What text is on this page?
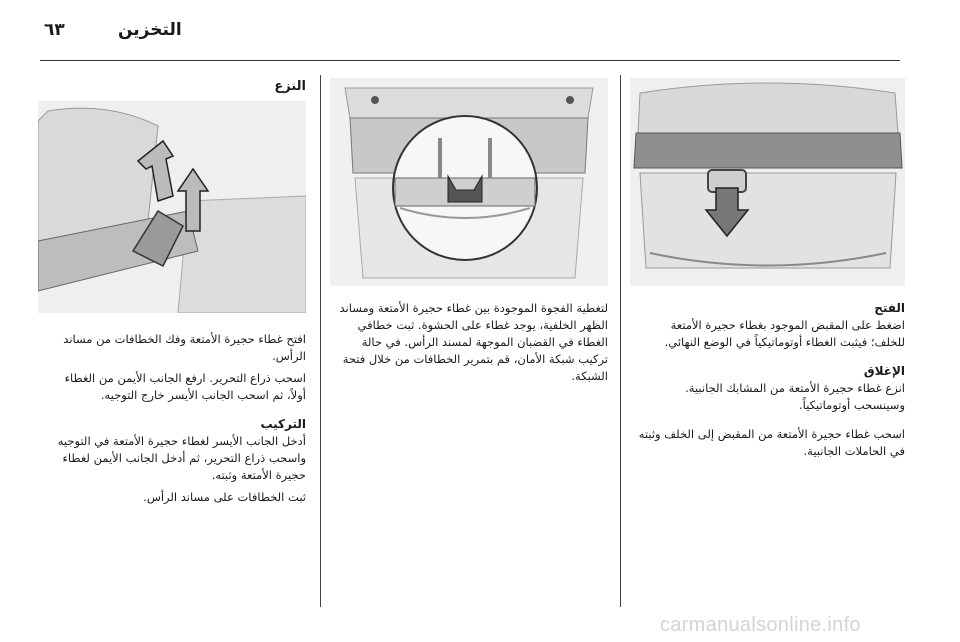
٦٣	التخزين
الفتح
اضغط على المقبض الموجود بغطاء حجيرة الأمتعة
للخلف؛ فيثبت الغطاء أوتوماتيكياً في الوضع النهائي.
الإغلاق
انزع غطاء حجيرة الأمتعة من المشابك الجانبية.
وسينسحب أوتوماتيكياً.
اسحب غطاء حجيرة الأمتعة من المقبض إلى الخلف وثبته
في الحاملات الجانبية.
لتغطية الفجوة الموجودة بين غطاء حجيرة الأمتعة ومساند
الظهر الخلفية، يوجد غطاء على الحشوة. ثبت خطافي
الغطاء في القضبان الموجهة لمسند الرأس. في حالة
تركيب شبكة الأمان، قم بتمرير الخطافات من خلال فتحة
الشبكة.
النزع
افتح غطاء حجيرة الأمتعة وفك الخطافات من مساند
الرأس.
اسحب ذراع التحرير. ارفع الجانب الأيمن من الغطاء
أولاً، ثم اسحب الجانب الأيسر خارج التوجيه.
التركيب
أدخل الجانب الأيسر لغطاء حجيرة الأمتعة في التوجيه
واسحب ذراع التحرير، ثم أدخل الجانب الأيمن لغطاء
حجيرة الأمتعة وثبته.
ثبت الخطافات على مساند الرأس.
carmanualsonline.info
